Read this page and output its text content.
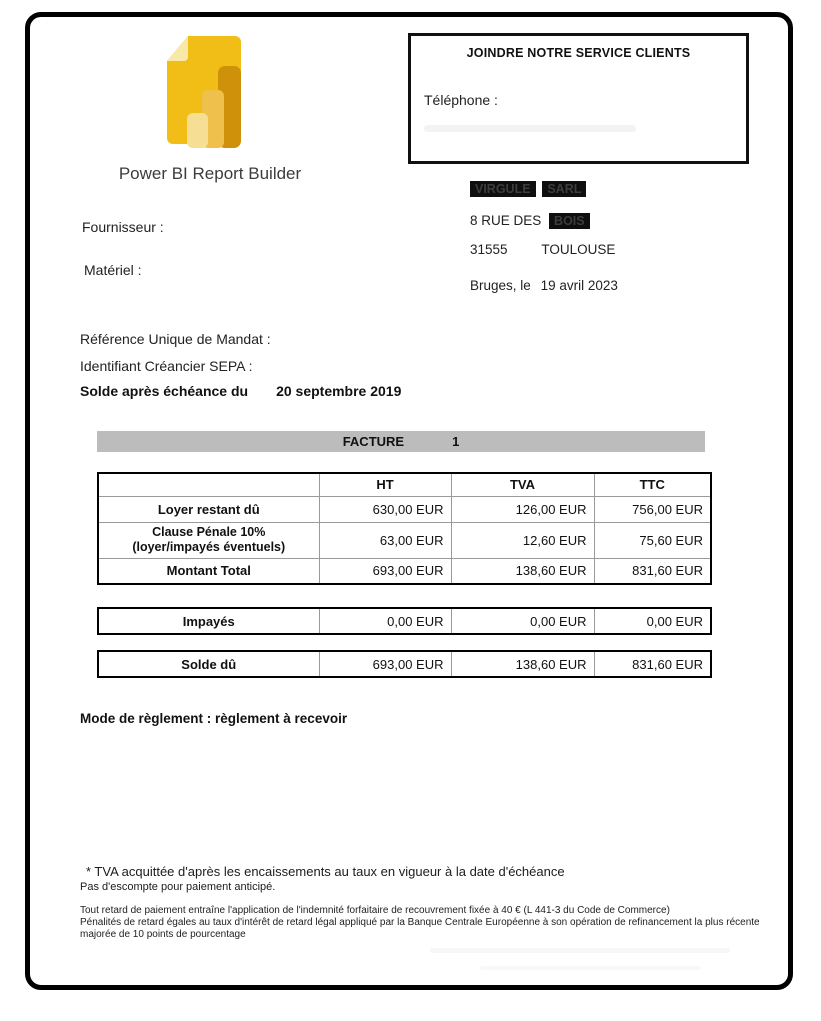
Power BI Report Builder
JOINDRE NOTRE SERVICE CLIENTS
Téléphone :
Fournisseur :
Matériel :
VIRGULE SARL
8 RUE DES BOIS
31555	TOULOUSE
Bruges, le 19 avril 2023
Référence Unique de Mandat :
Identifiant Créancier SEPA :
Solde après échéance du 20 septembre 2019
FACTURE	1
	HT	TVA	TTC
Loyer restant dû	630,00 EUR	126,00 EUR	756,00 EUR

Clause Pénale 10%
(loyer/impayés éventuels)	63,00 EUR	12,60 EUR	75,60 EUR
Montant Total	693,00 EUR	138,60 EUR	831,60 EUR
Impayés	0,00 EUR	0,00 EUR	0,00 EUR
Solde dû	693,00 EUR	138,60 EUR	831,60 EUR
Mode de règlement : règlement à recevoir
* TVA acquittée d'après les encaissements au taux en vigueur à la date d'échéance
Pas d'escompte pour paiement anticipé.

Tout retard de paiement entraîne l'application de l'indemnité forfaitaire de recouvrement fixée à 40 € (L 441-3 du Code de Commerce)

Pénalités de retard égales au taux d'intérêt de retard légal appliqué par la Banque Centrale Européenne à son opération de refinancement la plus récente majorée de 10 points de pourcentage
